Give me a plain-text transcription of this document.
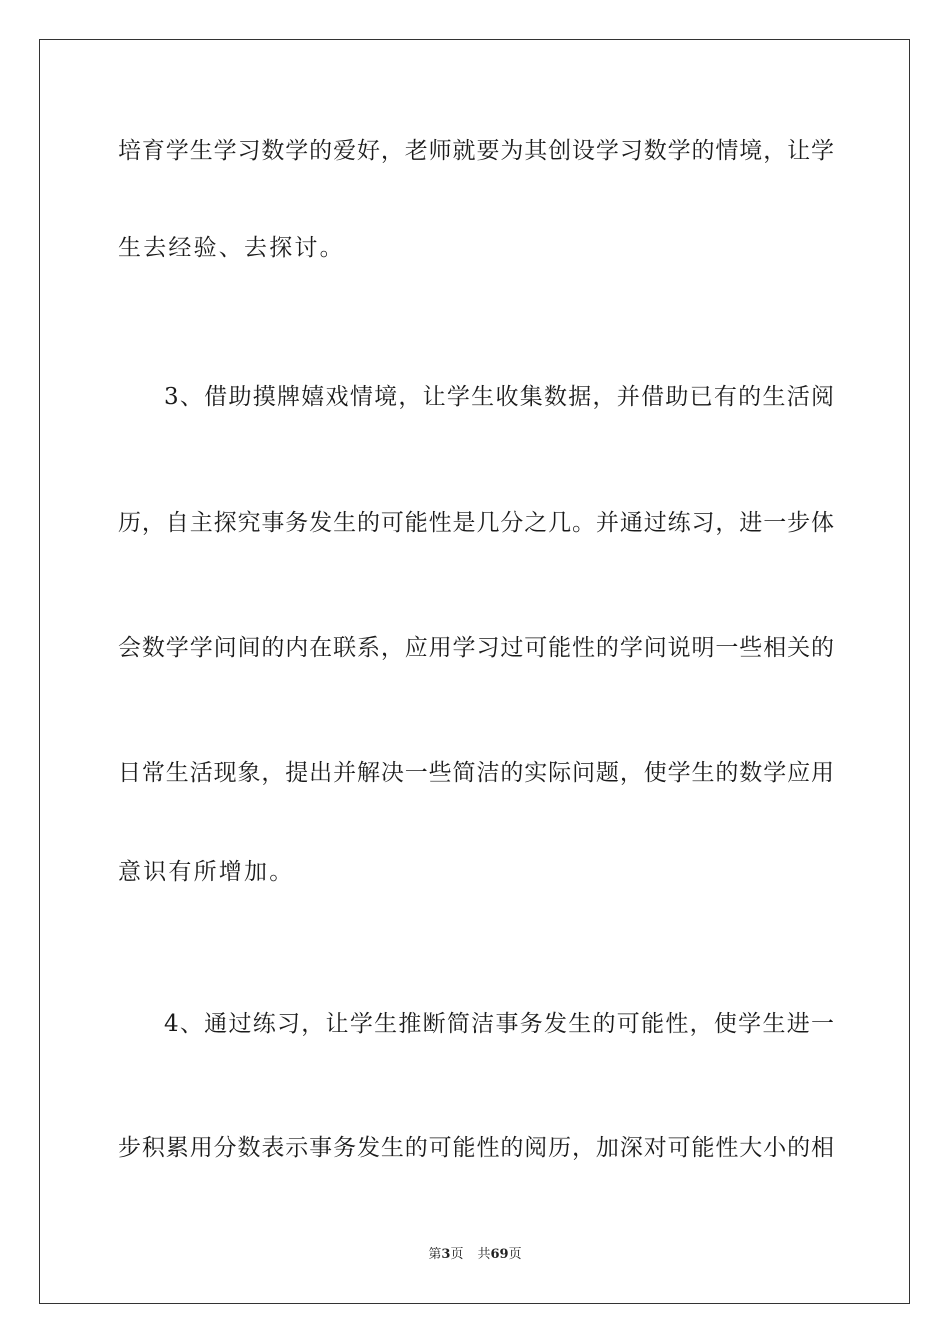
培育学生学习数学的爱好，老师就要为其创设学习数学的情境，让学
生去经验、去探讨。
3、借助摸牌嬉戏情境，让学生收集数据，并借助已有的生活阅
历，自主探究事务发生的可能性是几分之几。并通过练习，进一步体
会数学学问间的内在联系，应用学习过可能性的学问说明一些相关的
日常生活现象，提出并解决一些简洁的实际问题，使学生的数学应用
意识有所增加。
4、通过练习，让学生推断简洁事务发生的可能性，使学生进一
步积累用分数表示事务发生的可能性的阅历，加深对可能性大小的相
第3页 共69页
